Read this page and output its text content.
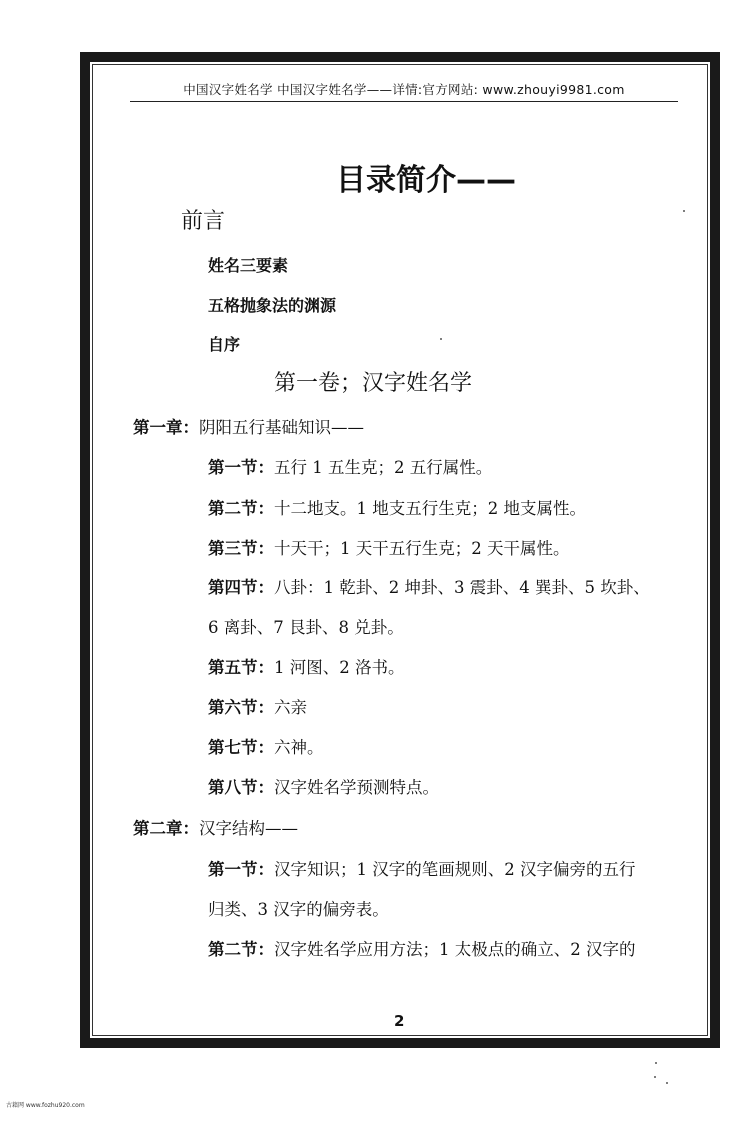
中国汉字姓名学 中国汉字姓名学——详情:官方网站: www.zhouyi9981.com
目录简介——
前言
姓名三要素
五格抛象法的渊源
自序
第一卷；汉字姓名学
第一章：阴阳五行基础知识——
第一节：五行 1 五生克；2 五行属性。
第二节：十二地支。1 地支五行生克；2 地支属性。
第三节：十天干；1 天干五行生克；2 天干属性。
第四节：八卦：1 乾卦、2 坤卦、3 震卦、4 巽卦、5 坎卦、
6 离卦、7 艮卦、8 兑卦。
第五节：1 河图、2 洛书。
第六节：六亲
第七节：六神。
第八节：汉字姓名学预测特点。
第二章：汉字结构——
第一节：汉字知识；1 汉字的笔画规则、2 汉字偏旁的五行
归类、3 汉字的偏旁表。
第二节：汉字姓名学应用方法；1 太极点的确立、2 汉字的
2
古籍网 www.fozhu920.com
